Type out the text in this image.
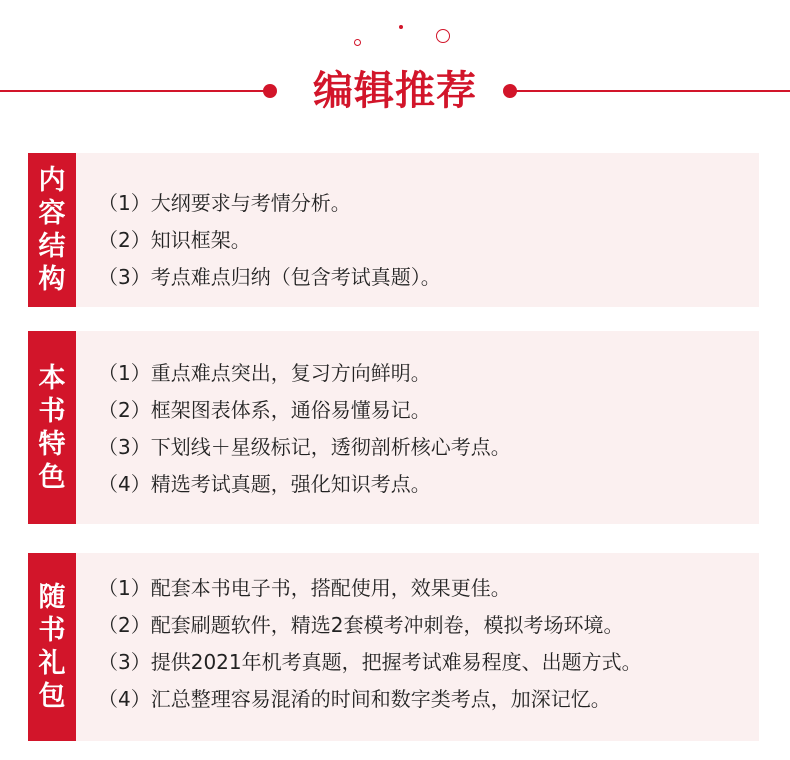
编辑推荐
内容结构
（1）大纲要求与考情分析。
（2）知识框架。
（3）考点难点归纳（包含考试真题）。
本书特色
（1）重点难点突出，复习方向鲜明。
（2）框架图表体系，通俗易懂易记。
（3）下划线＋星级标记，透彻剖析核心考点。
（4）精选考试真题，强化知识考点。
随书礼包
（1）配套本书电子书，搭配使用，效果更佳。
（2）配套刷题软件，精选2套模考冲刺卷，模拟考场环境。
（3）提供2021年机考真题，把握考试难易程度、出题方式。
（4）汇总整理容易混淆的时间和数字类考点，加深记忆。
